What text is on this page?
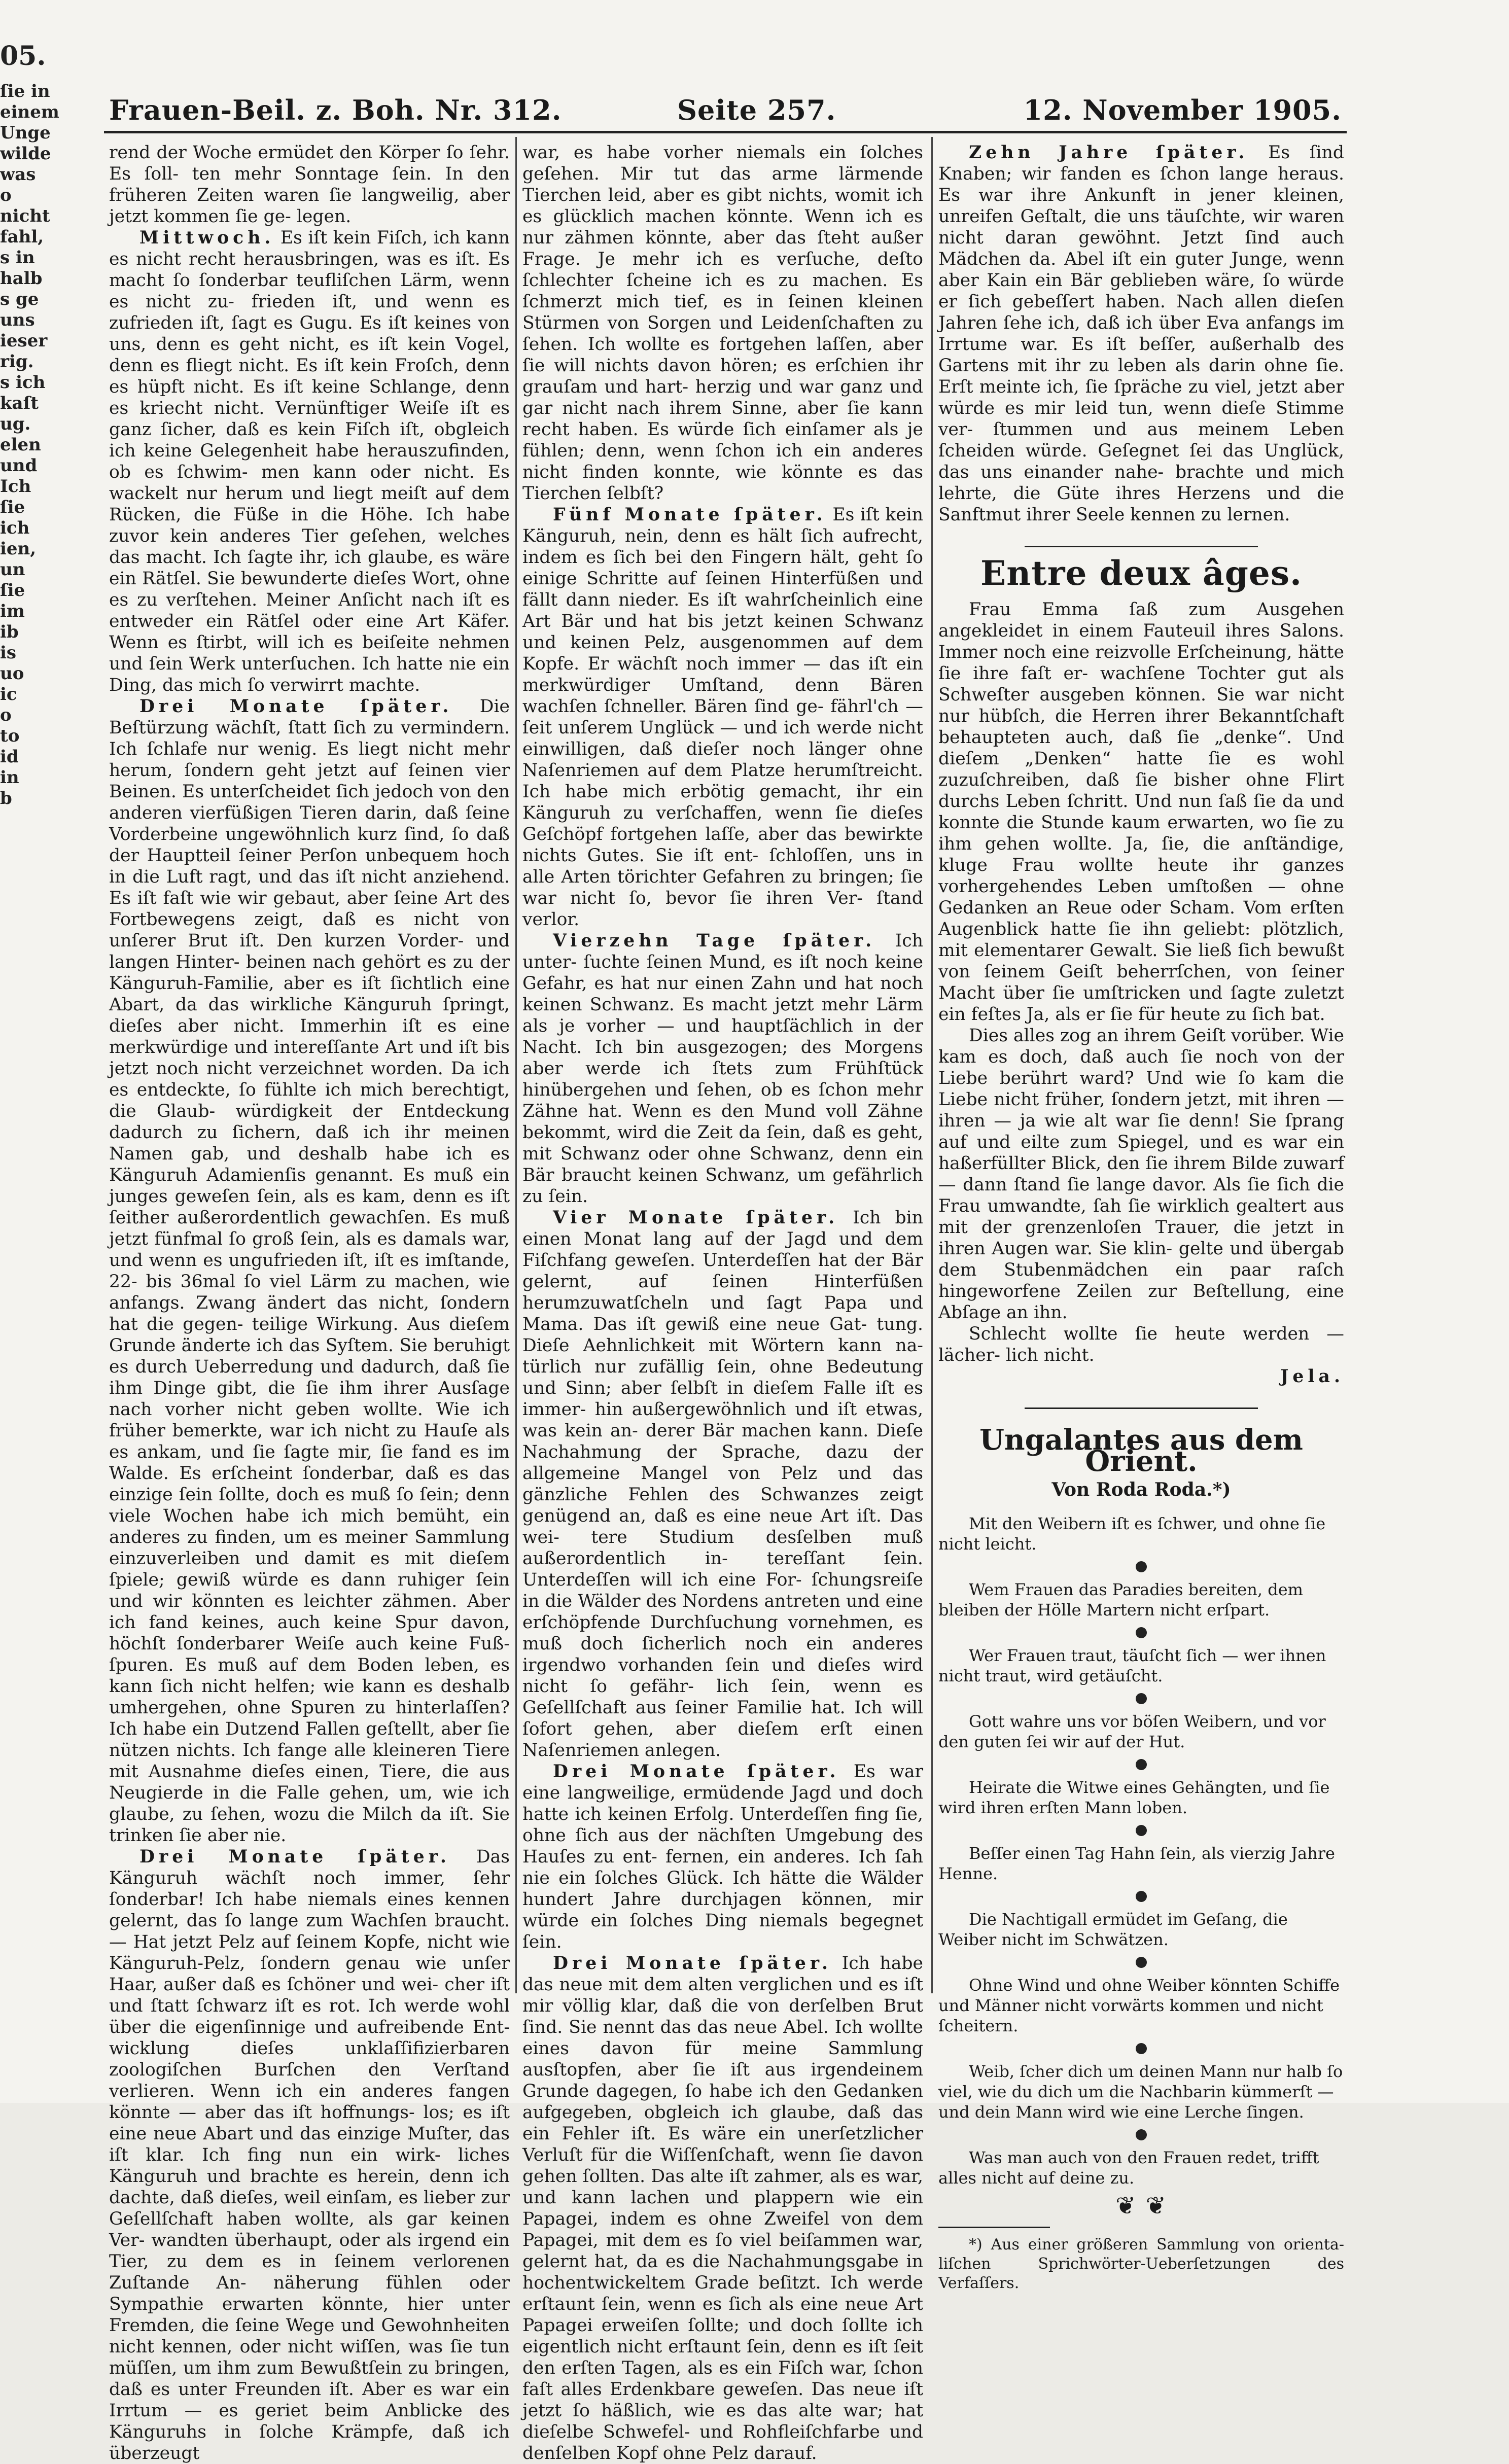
05.
ſie in
einem
Unge
wilde
was
o
nicht
fahl,
s in
halb
s ge
uns
ieser
rig.
s ich
kaſt
ug.
elen
und
Ich
ſie
ich
ien,
un
ſie
im
ib
is
uo
ic
o
to
id
in
b
Frauen-Beil. z. Boh. Nr. 312.	Seite 257.	12. November 1905.

rend der Woche ermüdet den Körper ſo ſehr. Es ſoll- ten mehr Sonntage ſein. In den früheren Zeiten waren ſie langweilig, aber jetzt kommen ſie ge- legen.

Mittwoch. Es iſt kein Fiſch, ich kann es nicht recht herausbringen, was es iſt. Es macht ſo ſonderbar teufliſchen Lärm, wenn es nicht zu- frieden iſt, und wenn es zufrieden iſt, ſagt es Gugu. Es iſt keines von uns, denn es geht nicht, es iſt kein Vogel, denn es fliegt nicht. Es iſt kein Froſch, denn es hüpft nicht. Es iſt keine Schlange, denn es kriecht nicht. Vernünftiger Weiſe iſt es ganz ſicher, daß es kein Fiſch iſt, obgleich ich keine Gelegenheit habe herauszufinden, ob es ſchwim- men kann oder nicht. Es wackelt nur herum und liegt meiſt auf dem Rücken, die Füße in die Höhe. Ich habe zuvor kein anderes Tier geſehen, welches das macht. Ich ſagte ihr, ich glaube, es wäre ein Rätſel. Sie bewunderte dieſes Wort, ohne es zu verſtehen. Meiner Anſicht nach iſt es entweder ein Rätſel oder eine Art Käfer. Wenn es ſtirbt, will ich es beiſeite nehmen und ſein Werk unterſuchen. Ich hatte nie ein Ding, das mich ſo verwirrt machte.

Drei Monate ſpäter. Die Beſtürzung wächſt, ſtatt ſich zu vermindern. Ich ſchlafe nur wenig. Es liegt nicht mehr herum, ſondern geht jetzt auf ſeinen vier Beinen. Es unterſcheidet ſich jedoch von den anderen vierfüßigen Tieren darin, daß ſeine Vorderbeine ungewöhnlich kurz ſind, ſo daß der Hauptteil ſeiner Perſon unbequem hoch in die Luft ragt, und das iſt nicht anziehend. Es iſt faſt wie wir gebaut, aber ſeine Art des Fortbewegens zeigt, daß es nicht von unſerer Brut iſt. Den kurzen Vorder- und langen Hinter- beinen nach gehört es zu der Känguruh-Familie, aber es iſt ſichtlich eine Abart, da das wirkliche Känguruh ſpringt, dieſes aber nicht. Immerhin iſt es eine merkwürdige und intereſſante Art und iſt bis jetzt noch nicht verzeichnet worden. Da ich es entdeckte, ſo fühlte ich mich berechtigt, die Glaub- würdigkeit der Entdeckung dadurch zu ſichern, daß ich ihr meinen Namen gab, und deshalb habe ich es Känguruh Adamienſis genannt. Es muß ein junges geweſen ſein, als es kam, denn es iſt ſeither außerordentlich gewachſen. Es muß jetzt fünfmal ſo groß ſein, als es damals war, und wenn es ungufrieden iſt, iſt es imſtande, 22- bis 36mal ſo viel Lärm zu machen, wie anfangs. Zwang ändert das nicht, ſondern hat die gegen- teilige Wirkung. Aus dieſem Grunde änderte ich das Syſtem. Sie beruhigt es durch Ueberredung und dadurch, daß ſie ihm Dinge gibt, die ſie ihm ihrer Ausſage nach vorher nicht geben wollte. Wie ich früher bemerkte, war ich nicht zu Hauſe als es ankam, und ſie ſagte mir, ſie fand es im Walde. Es erſcheint ſonderbar, daß es das einzige ſein ſollte, doch es muß ſo ſein; denn viele Wochen habe ich mich bemüht, ein anderes zu finden, um es meiner Sammlung einzuverleiben und damit es mit dieſem ſpiele; gewiß würde es dann ruhiger ſein und wir könnten es leichter zähmen. Aber ich fand keines, auch keine Spur davon, höchſt ſonderbarer Weiſe auch keine Fuß- ſpuren. Es muß auf dem Boden leben, es kann ſich nicht helfen; wie kann es deshalb umhergehen, ohne Spuren zu hinterlaſſen? Ich habe ein Dutzend Fallen geſtellt, aber ſie nützen nichts. Ich fange alle kleineren Tiere mit Ausnahme dieſes einen, Tiere, die aus Neugierde in die Falle gehen, um, wie ich glaube, zu ſehen, wozu die Milch da iſt. Sie trinken ſie aber nie.

Drei Monate ſpäter. Das Känguruh wächſt noch immer, ſehr ſonderbar! Ich habe niemals eines kennen gelernt, das ſo lange zum Wachſen braucht. — Hat jetzt Pelz auf ſeinem Kopfe, nicht wie Känguruh-Pelz, ſondern genau wie unſer Haar, außer daß es ſchöner und wei- cher iſt und ſtatt ſchwarz iſt es rot. Ich werde wohl über die eigenſinnige und aufreibende Ent- wicklung dieſes unklaſſifizierbaren zoologiſchen Burſchen den Verſtand verlieren. Wenn ich ein anderes fangen könnte — aber das iſt hoffnungs- los; es iſt eine neue Abart und das einzige Muſter, das iſt klar. Ich fing nun ein wirk- liches Känguruh und brachte es herein, denn ich dachte, daß dieſes, weil einſam, es lieber zur Geſellſchaft haben wollte, als gar keinen Ver- wandten überhaupt, oder als irgend ein Tier, zu dem es in ſeinem verlorenen Zuſtande An- näherung fühlen oder Sympathie erwarten könnte, hier unter Fremden, die ſeine Wege und Gewohnheiten nicht kennen, oder nicht wiſſen, was ſie tun müſſen, um ihm zum Bewußtſein zu bringen, daß es unter Freunden iſt. Aber es war ein Irrtum — es geriet beim Anblicke des Känguruhs in ſolche Krämpfe, daß ich überzeugt

war, es habe vorher niemals ein ſolches geſehen. Mir tut das arme lärmende Tierchen leid, aber es gibt nichts, womit ich es glücklich machen könnte. Wenn ich es nur zähmen könnte, aber das ſteht außer Frage. Je mehr ich es verſuche, deſto ſchlechter ſcheine ich es zu machen. Es ſchmerzt mich tief, es in ſeinen kleinen Stürmen von Sorgen und Leidenſchaften zu ſehen. Ich wollte es fortgehen laſſen, aber ſie will nichts davon hören; es erſchien ihr grauſam und hart- herzig und war ganz und gar nicht nach ihrem Sinne, aber ſie kann recht haben. Es würde ſich einſamer als je fühlen; denn, wenn ſchon ich ein anderes nicht finden konnte, wie könnte es das Tierchen ſelbſt?

Fünf Monate ſpäter. Es iſt kein Känguruh, nein, denn es hält ſich aufrecht, indem es ſich bei den Fingern hält, geht ſo einige Schritte auf ſeinen Hinterfüßen und fällt dann nieder. Es iſt wahrſcheinlich eine Art Bär und hat bis jetzt keinen Schwanz und keinen Pelz, ausgenommen auf dem Kopfe. Er wächſt noch immer — das iſt ein merkwürdiger Umſtand, denn Bären wachſen ſchneller. Bären ſind ge- fährl'ch — ſeit unſerem Unglück — und ich werde nicht einwilligen, daß dieſer noch länger ohne Naſenriemen auf dem Platze herumſtreicht. Ich habe mich erbötig gemacht, ihr ein Känguruh zu verſchaffen, wenn ſie dieſes Geſchöpf fortgehen laſſe, aber das bewirkte nichts Gutes. Sie iſt ent- ſchloſſen, uns in alle Arten törichter Gefahren zu bringen; ſie war nicht ſo, bevor ſie ihren Ver- ſtand verlor.

Vierzehn Tage ſpäter. Ich unter- ſuchte ſeinen Mund, es iſt noch keine Gefahr, es hat nur einen Zahn und hat noch keinen Schwanz. Es macht jetzt mehr Lärm als je vorher — und hauptſächlich in der Nacht. Ich bin ausgezogen; des Morgens aber werde ich ſtets zum Frühſtück hinübergehen und ſehen, ob es ſchon mehr Zähne hat. Wenn es den Mund voll Zähne bekommt, wird die Zeit da ſein, daß es geht, mit Schwanz oder ohne Schwanz, denn ein Bär braucht keinen Schwanz, um gefährlich zu ſein.

Vier Monate ſpäter. Ich bin einen Monat lang auf der Jagd und dem Fiſchfang geweſen. Unterdeſſen hat der Bär gelernt, auf ſeinen Hinterfüßen herumzuwatſcheln und ſagt Papa und Mama. Das iſt gewiß eine neue Gat- tung. Dieſe Aehnlichkeit mit Wörtern kann na- türlich nur zufällig ſein, ohne Bedeutung und Sinn; aber ſelbſt in dieſem Falle iſt es immer- hin außergewöhnlich und iſt etwas, was kein an- derer Bär machen kann. Dieſe Nachahmung der Sprache, dazu der allgemeine Mangel von Pelz und das gänzliche Fehlen des Schwanzes zeigt genügend an, daß es eine neue Art iſt. Das wei- tere Studium desſelben muß außerordentlich in- tereſſant ſein. Unterdeſſen will ich eine For- ſchungsreiſe in die Wälder des Nordens antreten und eine erſchöpfende Durchſuchung vornehmen, es muß doch ſicherlich noch ein anderes irgendwo vorhanden ſein und dieſes wird nicht ſo gefähr- lich ſein, wenn es Geſellſchaft aus ſeiner Familie hat. Ich will ſofort gehen, aber dieſem erſt einen Naſenriemen anlegen.

Drei Monate ſpäter. Es war eine langweilige, ermüdende Jagd und doch hatte ich keinen Erfolg. Unterdeſſen fing ſie, ohne ſich aus der nächſten Umgebung des Hauſes zu ent- fernen, ein anderes. Ich ſah nie ein ſolches Glück. Ich hätte die Wälder hundert Jahre durchjagen können, mir würde ein ſolches Ding niemals begegnet ſein.

Drei Monate ſpäter. Ich habe das neue mit dem alten verglichen und es iſt mir völlig klar, daß die von derſelben Brut ſind. Sie nennt das das neue Abel. Ich wollte eines davon für meine Sammlung ausſtopfen, aber ſie iſt aus irgendeinem Grunde dagegen, ſo habe ich den Gedanken aufgegeben, obgleich ich glaube, daß das ein Fehler iſt. Es wäre ein unerſetzlicher Verluſt für die Wiſſenſchaft, wenn ſie davon gehen ſollten. Das alte iſt zahmer, als es war, und kann lachen und plappern wie ein Papagei, indem es ohne Zweifel von dem Papagei, mit dem es ſo viel beiſammen war, gelernt hat, da es die Nachahmungsgabe in hochentwickeltem Grade beſitzt. Ich werde erſtaunt ſein, wenn es ſich als eine neue Art Papagei erweiſen ſollte; und doch ſollte ich eigentlich nicht erſtaunt ſein, denn es iſt ſeit den erſten Tagen, als es ein Fiſch war, ſchon faſt alles Erdenkbare geweſen. Das neue iſt jetzt ſo häßlich, wie es das alte war; hat dieſelbe Schwefel- und Rohfleiſchfarbe und denſelben Kopf ohne Pelz darauf.

Zehn Jahre ſpäter. Es ſind Knaben; wir fanden es ſchon lange heraus. Es war ihre Ankunft in jener kleinen, unreifen Geſtalt, die uns täuſchte, wir waren nicht daran gewöhnt. Jetzt ſind auch Mädchen da. Abel iſt ein guter Junge, wenn aber Kain ein Bär geblieben wäre, ſo würde er ſich gebeſſert haben. Nach allen dieſen Jahren ſehe ich, daß ich über Eva anfangs im Irrtume war. Es iſt beſſer, außerhalb des Gartens mit ihr zu leben als darin ohne ſie. Erſt meinte ich, ſie ſpräche zu viel, jetzt aber würde es mir leid tun, wenn dieſe Stimme ver- ſtummen und aus meinem Leben ſcheiden würde. Geſegnet ſei das Unglück, das uns einander nahe- brachte und mich lehrte, die Güte ihres Herzens und die Sanftmut ihrer Seele kennen zu lernen.

Entre deux âges.

Frau Emma ſaß zum Ausgehen angekleidet in einem Fauteuil ihres Salons. Immer noch eine reizvolle Erſcheinung, hätte ſie ihre faſt er- wachſene Tochter gut als Schweſter ausgeben können. Sie war nicht nur hübſch, die Herren ihrer Bekanntſchaft behaupteten auch, daß ſie „denke“. Und dieſem „Denken“ hatte ſie es wohl zuzuſchreiben, daß ſie bisher ohne Flirt durchs Leben ſchritt. Und nun ſaß ſie da und konnte die Stunde kaum erwarten, wo ſie zu ihm gehen wollte. Ja, ſie, die anſtändige, kluge Frau wollte heute ihr ganzes vorhergehendes Leben umſtoßen — ohne Gedanken an Reue oder Scham. Vom erſten Augenblick hatte ſie ihn geliebt: plötzlich, mit elementarer Gewalt. Sie ließ ſich bewußt von ſeinem Geiſt beherrſchen, von ſeiner Macht über ſie umſtricken und ſagte zuletzt ein feſtes Ja, als er ſie für heute zu ſich bat.

Dies alles zog an ihrem Geiſt vorüber. Wie kam es doch, daß auch ſie noch von der Liebe berührt ward? Und wie ſo kam die Liebe nicht früher, ſondern jetzt, mit ihren — ihren — ja wie alt war ſie denn! Sie ſprang auf und eilte zum Spiegel, und es war ein haßerfüllter Blick, den ſie ihrem Bilde zuwarf — dann ſtand ſie lange davor. Als ſie ſich die Frau umwandte, ſah ſie wirklich gealtert aus mit der grenzenloſen Trauer, die jetzt in ihren Augen war. Sie klin- gelte und übergab dem Stubenmädchen ein paar raſch hingeworfene Zeilen zur Beſtellung, eine Abſage an ihn.

Schlecht wollte ſie heute werden — lächer- lich nicht.

Jela.
Ungalantes aus dem Orient.
Von Roda Roda.*)

Mit den Weibern iſt es ſchwer, und ohne ſie nicht leicht.

Wem Frauen das Paradies bereiten, dem bleiben der Hölle Martern nicht erſpart.

Wer Frauen traut, täuſcht ſich — wer ihnen nicht traut, wird getäuſcht.

Gott wahre uns vor böſen Weibern, und vor den guten ſei wir auf der Hut.

Heirate die Witwe eines Gehängten, und ſie wird ihren erſten Mann loben.

Beſſer einen Tag Hahn ſein, als vierzig Jahre Henne.

Die Nachtigall ermüdet im Geſang, die Weiber nicht im Schwätzen.

Ohne Wind und ohne Weiber könnten Schiffe und Männer nicht vorwärts kommen und nicht ſcheitern.

Weib, ſcher dich um deinen Mann nur halb ſo viel, wie du dich um die Nachbarin kümmerſt — und dein Mann wird wie eine Lerche ſingen.

Was man auch von den Frauen redet, trifft alles nicht auf deine zu.

❦ ❦

*) Aus einer größeren Sammlung von orienta- liſchen Sprichwörter-Ueberſetzungen des Verfaſſers.
